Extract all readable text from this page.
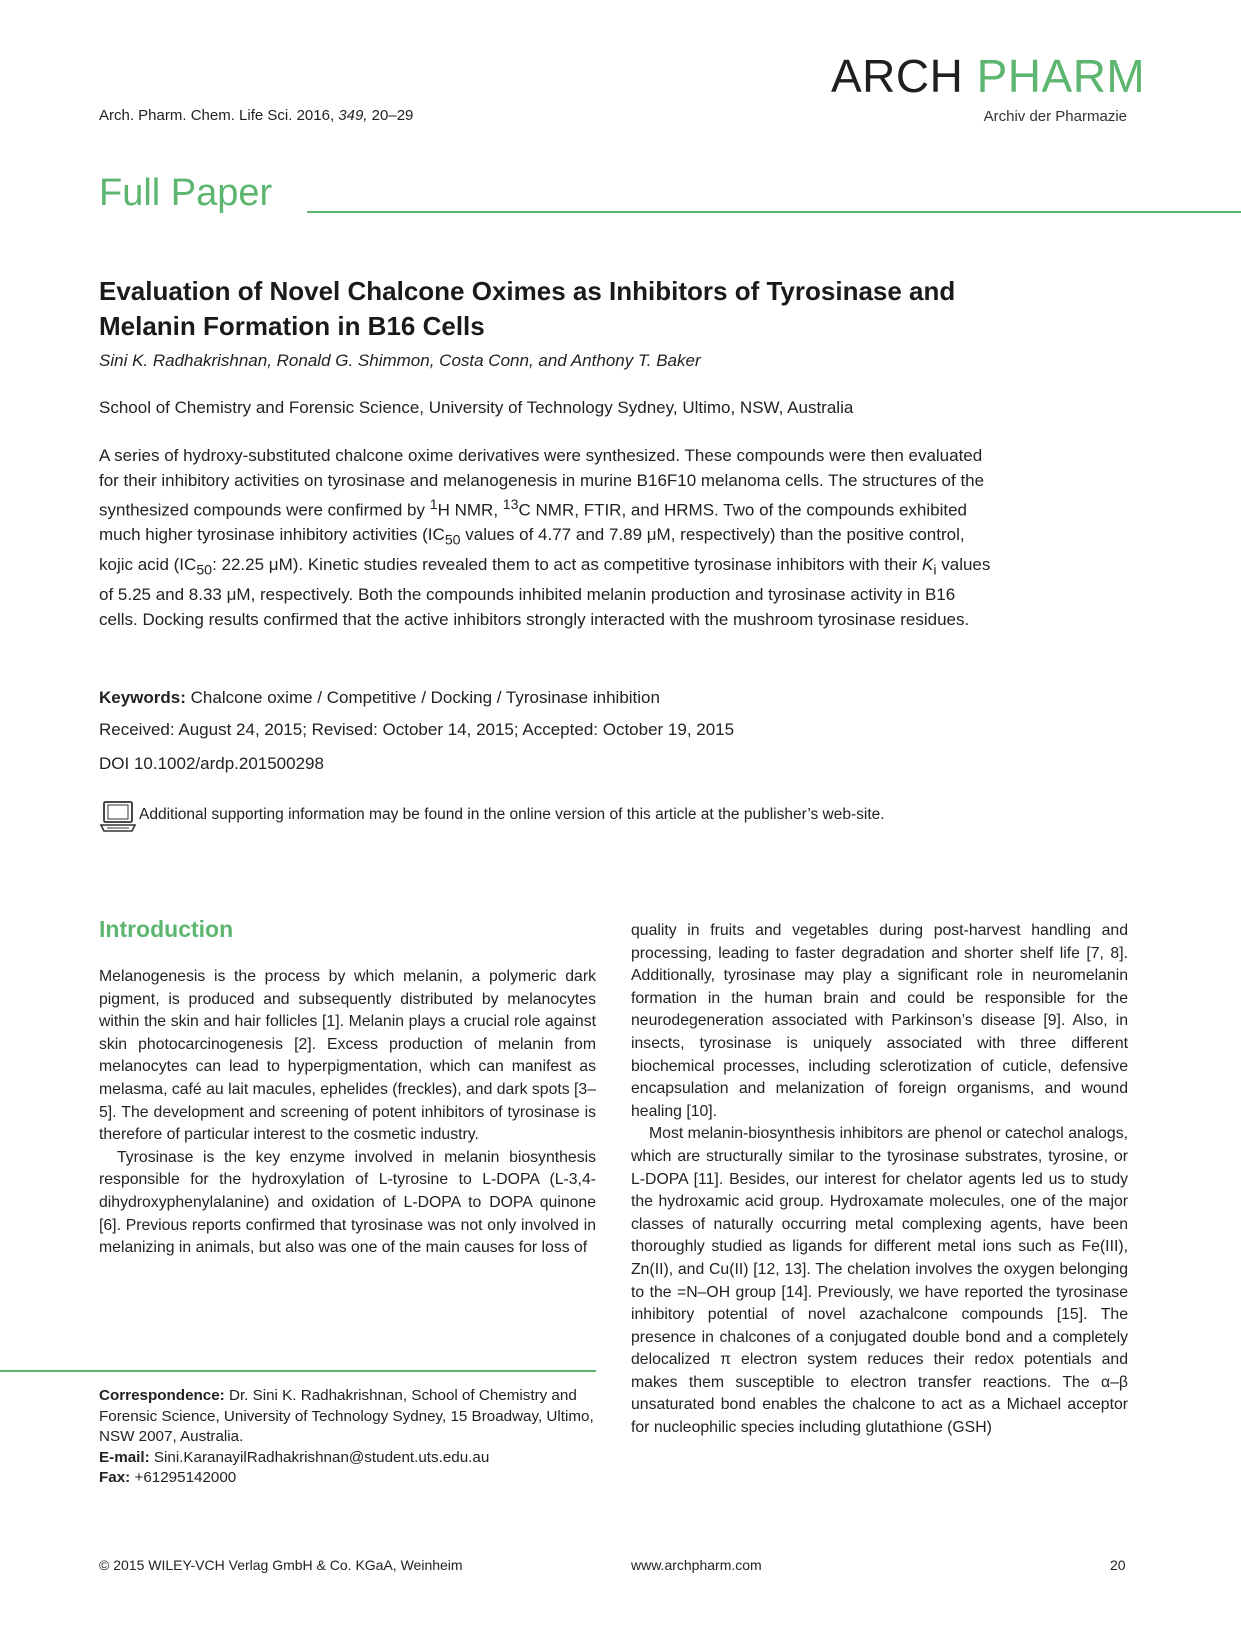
Arch. Pharm. Chem. Life Sci. 2016, 349, 20–29
ARCH PHARM
Archiv der Pharmazie
Full Paper
Evaluation of Novel Chalcone Oximes as Inhibitors of Tyrosinase and Melanin Formation in B16 Cells
Sini K. Radhakrishnan, Ronald G. Shimmon, Costa Conn, and Anthony T. Baker
School of Chemistry and Forensic Science, University of Technology Sydney, Ultimo, NSW, Australia

A series of hydroxy-substituted chalcone oxime derivatives were synthesized. These compounds were then evaluated for their inhibitory activities on tyrosinase and melanogenesis in murine B16F10 melanoma cells. The structures of the synthesized compounds were confirmed by $^1$H NMR, $^{13}$C NMR, FTIR, and HRMS. Two of the compounds exhibited much higher tyrosinase inhibitory activities ($IC_{50}$ values of 4.77 and 7.89 μM, respectively) than the positive control, kojic acid ($IC_{50}$: 22.25 μM). Kinetic studies revealed them to act as competitive tyrosinase inhibitors with their $K_i$ values of 5.25 and 8.33 μM, respectively. Both the compounds inhibited melanin production and tyrosinase activity in B16 cells. Docking results confirmed that the active inhibitors strongly interacted with the mushroom tyrosinase residues.

Keywords: Chalcone oxime / Competitive / Docking / Tyrosinase inhibition
Received: August 24, 2015; Revised: October 14, 2015; Accepted: October 19, 2015
DOI 10.1002/ardp.201500298
Additional supporting information may be found in the online version of this article at the publisher’s web-site.
Introduction

Melanogenesis is the process by which melanin, a polymeric dark pigment, is produced and subsequently distributed by melanocytes within the skin and hair follicles [1]. Melanin plays a crucial role against skin photocarcinogenesis [2]. Excess production of melanin from melanocytes can lead to hyperpigmentation, which can manifest as melasma, café au lait macules, ephelides (freckles), and dark spots [3–5]. The development and screening of potent inhibitors of tyrosinase is therefore of particular interest to the cosmetic industry.

Tyrosinase is the key enzyme involved in melanin biosynthesis responsible for the hydroxylation of L-tyrosine to L-DOPA (L-3,4-dihydroxyphenylalanine) and oxidation of L-DOPA to DOPA quinone [6]. Previous reports confirmed that tyrosinase was not only involved in melanizing in animals, but also was one of the main causes for loss of

quality in fruits and vegetables during post-harvest handling and processing, leading to faster degradation and shorter shelf life [7, 8]. Additionally, tyrosinase may play a significant role in neuromelanin formation in the human brain and could be responsible for the neurodegeneration associated with Parkinson’s disease [9]. Also, in insects, tyrosinase is uniquely associated with three different biochemical processes, including sclerotization of cuticle, defensive encapsulation and melanization of foreign organisms, and wound healing [10].

Most melanin-biosynthesis inhibitors are phenol or catechol analogs, which are structurally similar to the tyrosinase substrates, tyrosine, or L-DOPA [11]. Besides, our interest for chelator agents led us to study the hydroxamic acid group. Hydroxamate molecules, one of the major classes of naturally occurring metal complexing agents, have been thoroughly studied as ligands for different metal ions such as Fe(III), Zn(II), and Cu(II) [12, 13]. The chelation involves the oxygen belonging to the =N–OH group [14]. Previously, we have reported the tyrosinase inhibitory potential of novel azachalcone compounds [15]. The presence in chalcones of a conjugated double bond and a completely delocalized π electron system reduces their redox potentials and makes them susceptible to electron transfer reactions. The α–β unsaturated bond enables the chalcone to act as a Michael acceptor for nucleophilic species including glutathione (GSH)

Correspondence: Dr. Sini K. Radhakrishnan, School of Chemistry and Forensic Science, University of Technology Sydney, 15 Broadway, Ultimo, NSW 2007, Australia.
E-mail: Sini.KaranayilRadhakrishnan@student.uts.edu.au
Fax: +61295142000
© 2015 WILEY-VCH Verlag GmbH & Co. KGaA, Weinheim	www.archpharm.com	20
